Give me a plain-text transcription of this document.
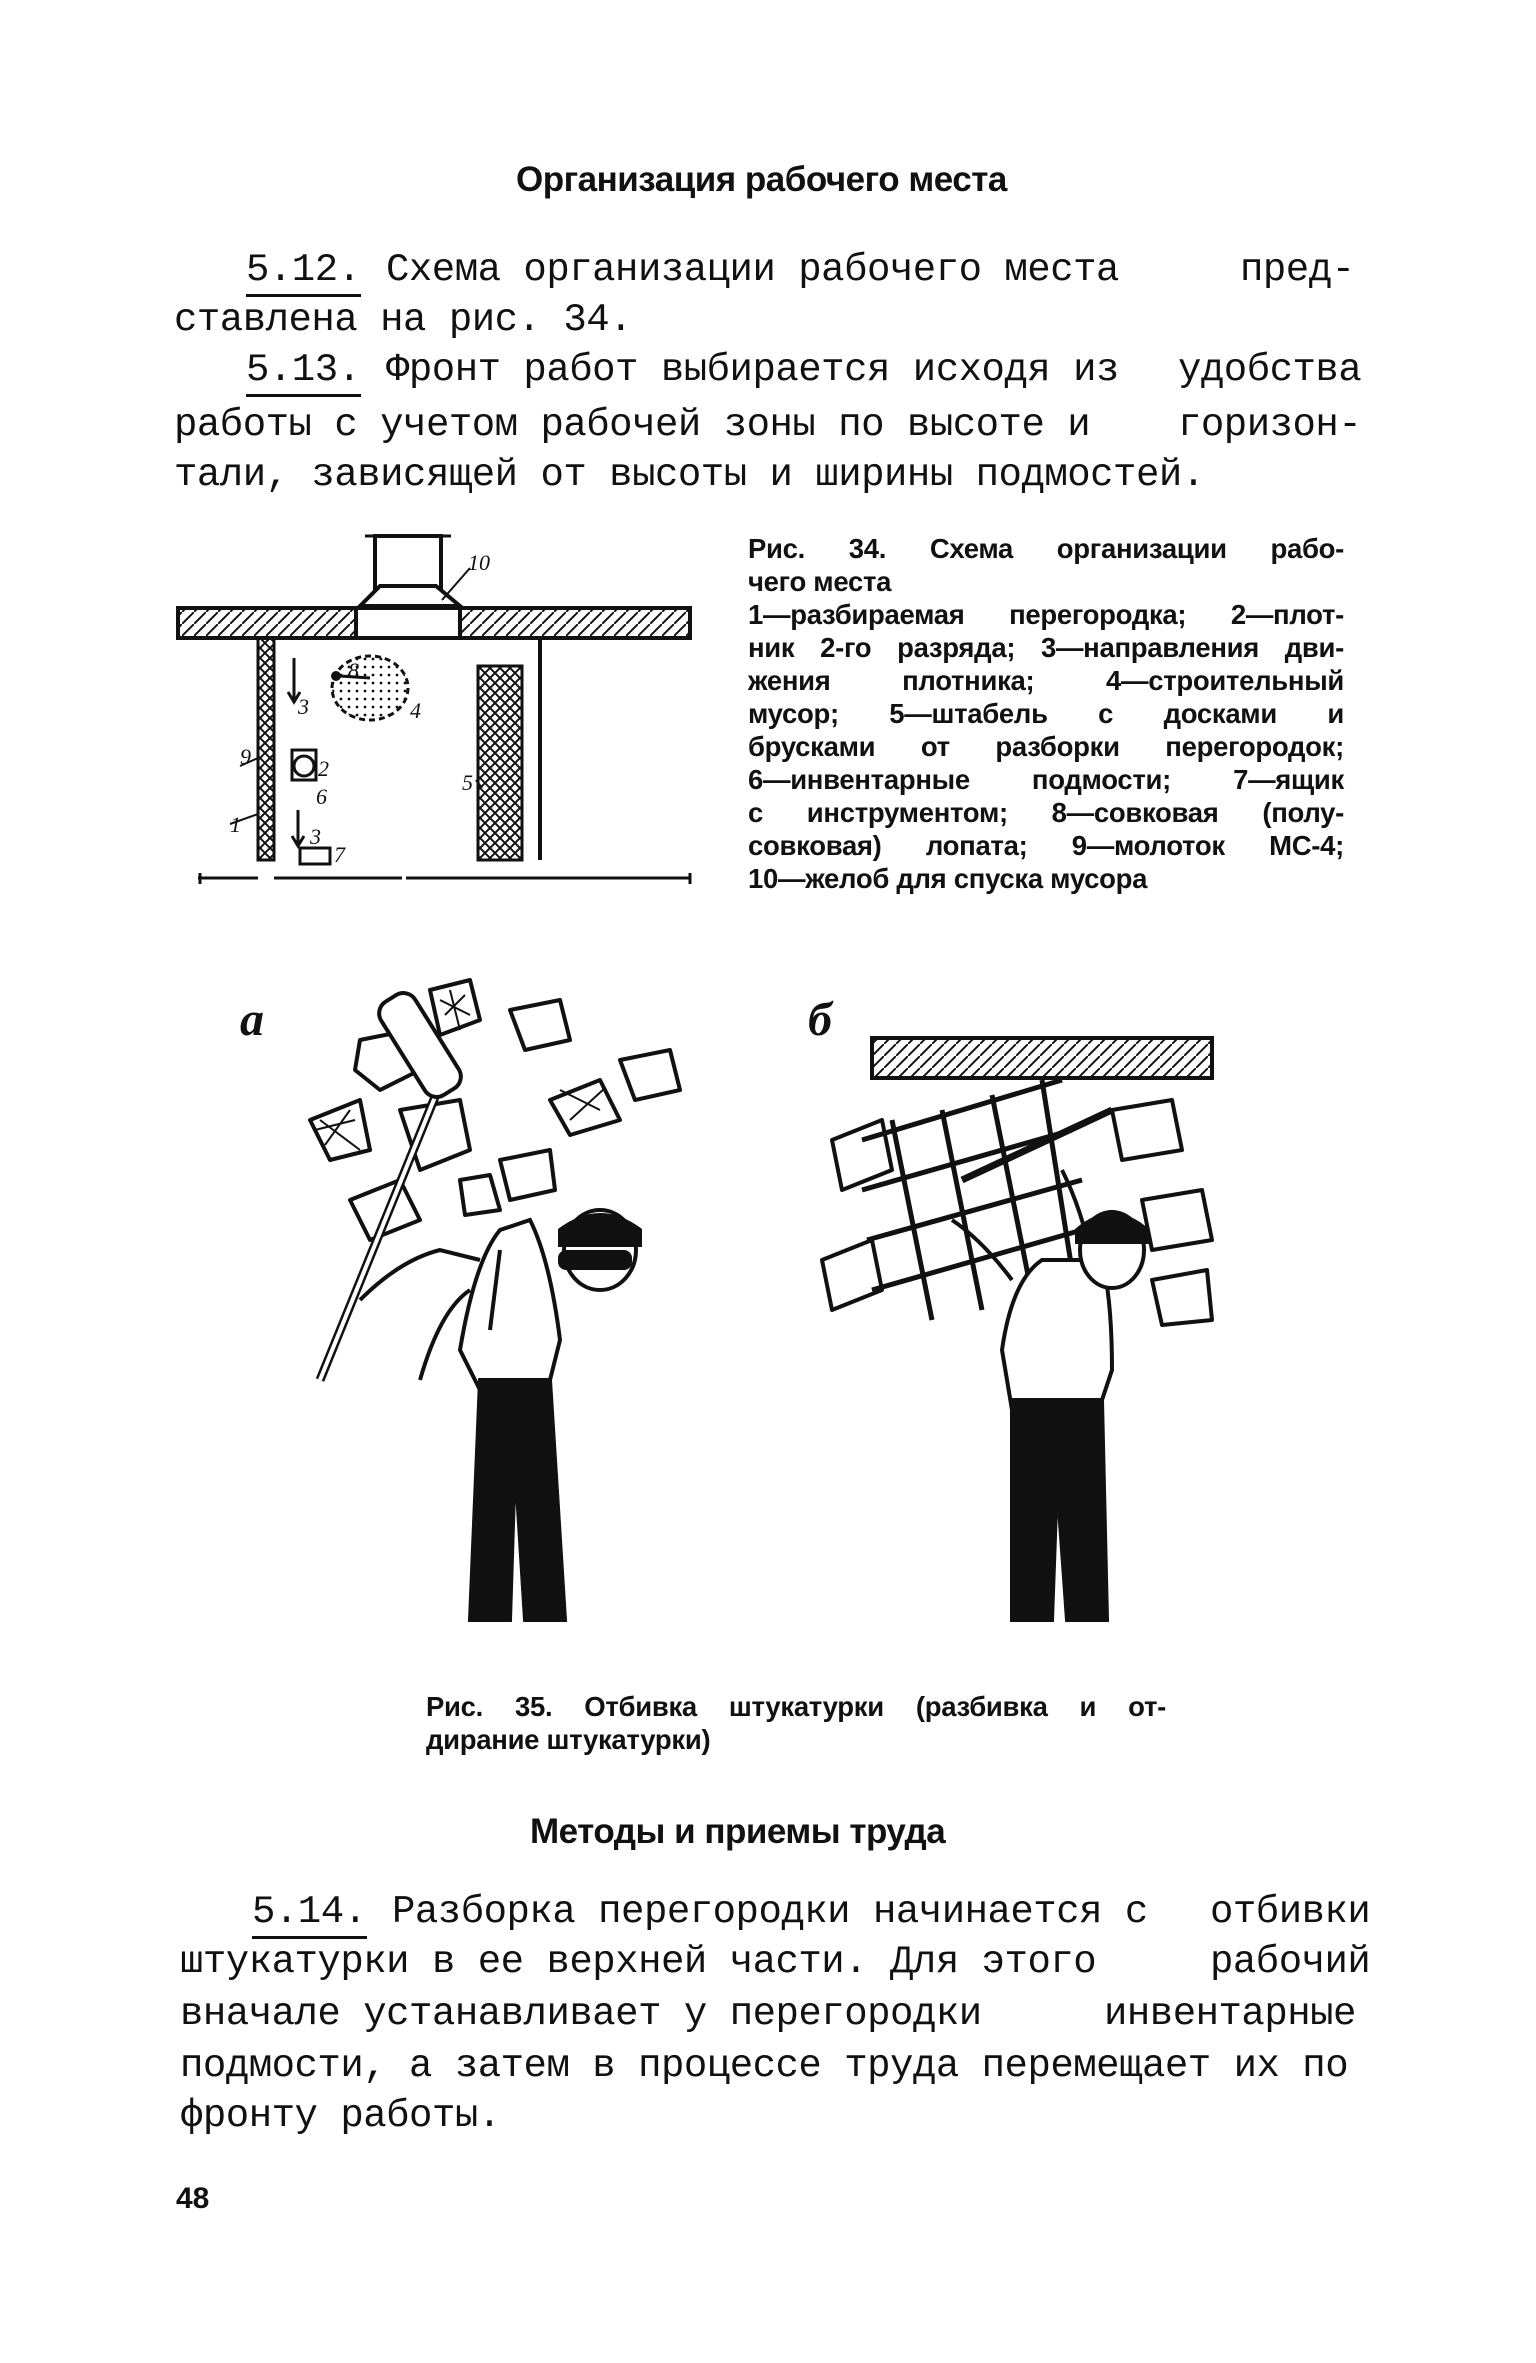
Организация рабочего места
5.12. Схема организации рабочего места	пред-
ставлена на рис. 34.
5.13. Фронт работ выбирается исходя из удобства
работы с учетом рабочей зоны по высоте и горизон-
тали, зависящей от высоты и ширины подмостей.
10
8
3	4
9	2
6
1	3
7
5
Рис. 34. Схема организации рабо-
чего места
1—разбираемая перегородка; 2—плот-
ник 2-го разряда; 3—направления дви-
жения плотника; 4—строительный
мусор; 5—штабель с досками и
брусками от разборки перегородок;
6—инвентарные подмости; 7—ящик
с инструментом; 8—совковая (полу-
совковая) лопата; 9—молоток МС-4;
10—желоб для спуска мусора
а	б
Рис. 35. Отбивка штукатурки (разбивка и от-
дирание штукатурки)
Методы и приемы труда
5.14. Разборка перегородки начинается с отбивки
штукатурки в ее верхней части. Для этого	рабочий
вначале устанавливает у перегородки	инвентарные
подмости, а затем в процессе труда перемещает их по
фронту работы.
48
